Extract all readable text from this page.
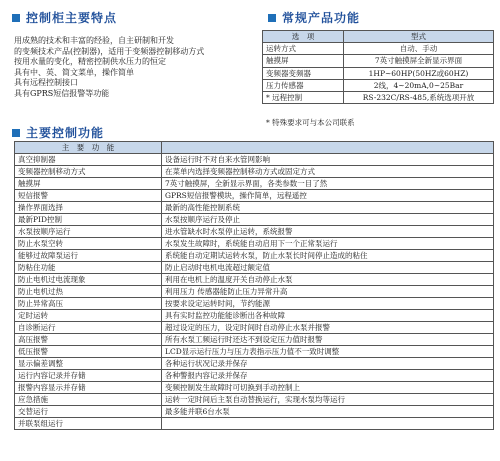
控制柜主要特点
用成熟的技术和丰富的经验，自主研制和开发
的变频技术产品(控制器)，适用于变频器控制移动方式
按用水量的变化，精密控制供水压力的恒定
具有中、英、简文菜单，操作简单
具有远程控制接口
具有GPRS短信报警等功能
常规产品功能
选　项	型式
运转方式	自动、手动
触摸屏	7英寸触摸屏全新显示界面
变频器变频器	1HP~60HP(50HZ或60HZ)
压力传感器	2线，4~20mA,0~25Bar
* 远程控制	RS-232C/RS-485,系统选项开放
* 特殊要求可与本公司联系
主要控制功能
主　要　功　能	
真空抑制器	设备运行时不对自来水管网影响
变频器控制移动方式	在菜单内选择变频器控制移动方式或固定方式
触摸屏	7英寸触摸屏，全新显示界面，各类参数一目了然
短信报警	GPRS短信报警模块，操作简单，远程遥控
操作界面选择	最新的高性能控制系统
最新PID控制	水泵按顺序运行及停止
水泵按顺序运行	进水管缺水时水泵停止运转，系统报警
防止水泵空转	水泵发生故障时，系统能自动启用下一个正常泵运行
能够过故障泵运行	系统能自动定期试运转水泵，防止水泵长时间停止造成的粘住
防粘住功能	防止启动时电机电流超过额定值
防止电机过电流现象	利用在电机上的温度开关自动停止水泵
防止电机过热	利用压力 传感器能防止压力异常升高
防止异常高压	按要求设定运转时间，节约能源
定时运转	具有实时监控功能能诊断出各种故障
自诊断运行	超过设定的压力，设定时间时自动停止水泵并报警
高压报警	所有水泵工频运行时还达不到设定压力值时报警
低压报警	LCD显示运行压力与压力表指示压力值不一致时调整
显示偏差调整	各种运行状况记录并保存
运行内容记录并存储	各种警报内容记录并保存
报警内容显示并存储	变频控制发生故障时可切换到手动控制上
应急措施	运转一定时间后主泵自动替换运行，实现水泵均等运行
交替运行	最多能并联6台水泵
并联泵组运行	
